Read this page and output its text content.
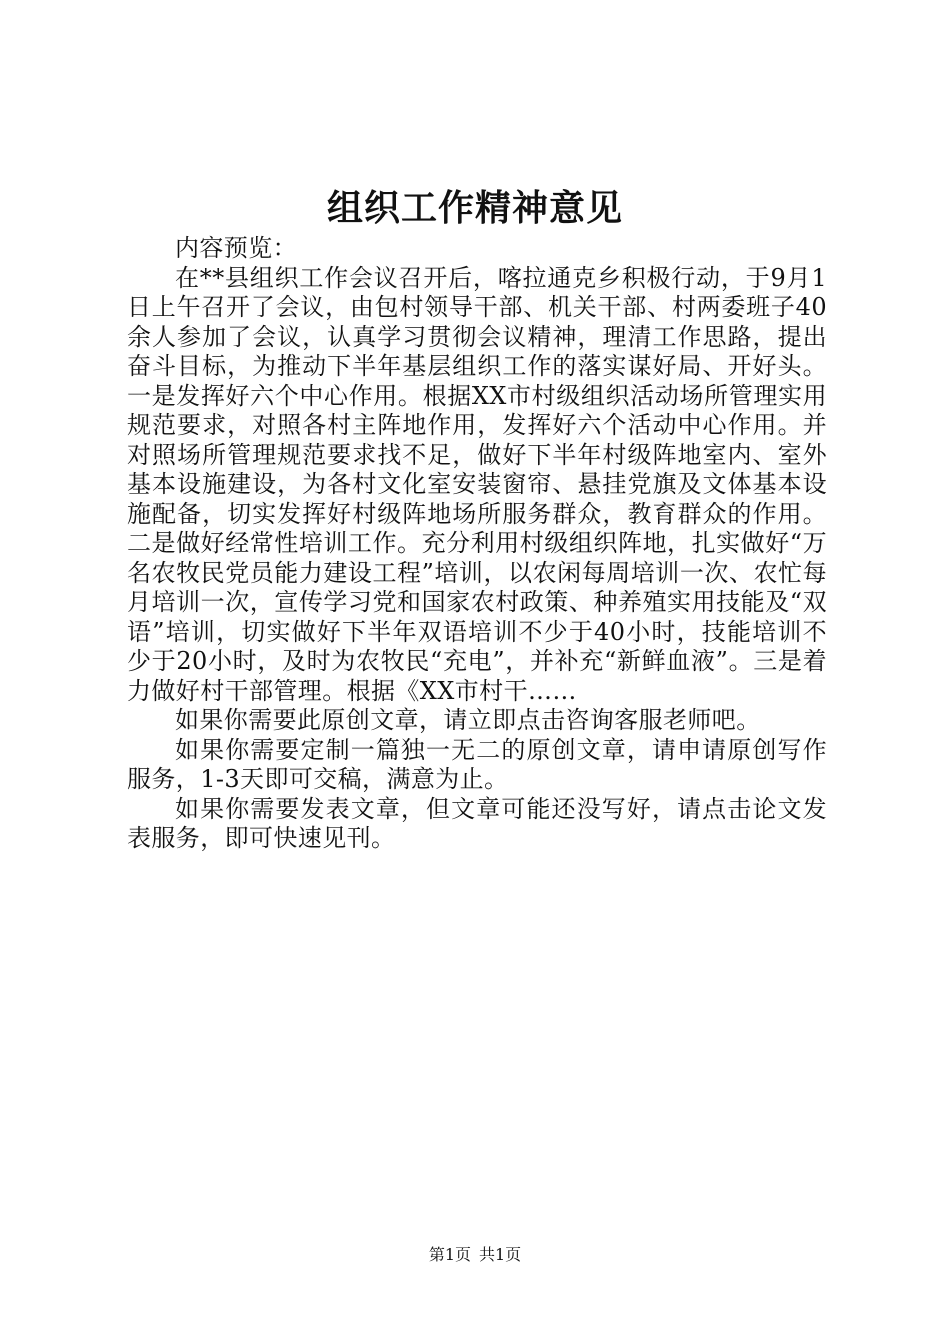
组织工作精神意见

内容预览：

在**县组织工作会议召开后，喀拉通克乡积极行动，于9月1日上午召开了会议，由包村领导干部、机关干部、村两委班子40余人参加了会议，认真学习贯彻会议精神，理清工作思路，提出奋斗目标，为推动下半年基层组织工作的落实谋好局、开好头。一是发挥好六个中心作用。根据XX市村级组织活动场所管理实用规范要求，对照各村主阵地作用，发挥好六个活动中心作用。并对照场所管理规范要求找不足，做好下半年村级阵地室内、室外基本设施建设，为各村文化室安装窗帘、悬挂党旗及文体基本设施配备，切实发挥好村级阵地场所服务群众，教育群众的作用。二是做好经常性培训工作。充分利用村级组织阵地，扎实做好“万名农牧民党员能力建设工程”培训，以农闲每周培训一次、农忙每月培训一次，宣传学习党和国家农村政策、种养殖实用技能及“双语”培训，切实做好下半年双语培训不少于40小时，技能培训不少于20小时，及时为农牧民“充电”，并补充“新鲜血液”。三是着力做好村干部管理。根据《XX市村干……

如果你需要此原创文章，请立即点击咨询客服老师吧。

如果你需要定制一篇独一无二的原创文章，请申请原创写作服务，1-3天即可交稿，满意为止。

如果你需要发表文章，但文章可能还没写好，请点击论文发表服务，即可快速见刊。

第1页 共1页
